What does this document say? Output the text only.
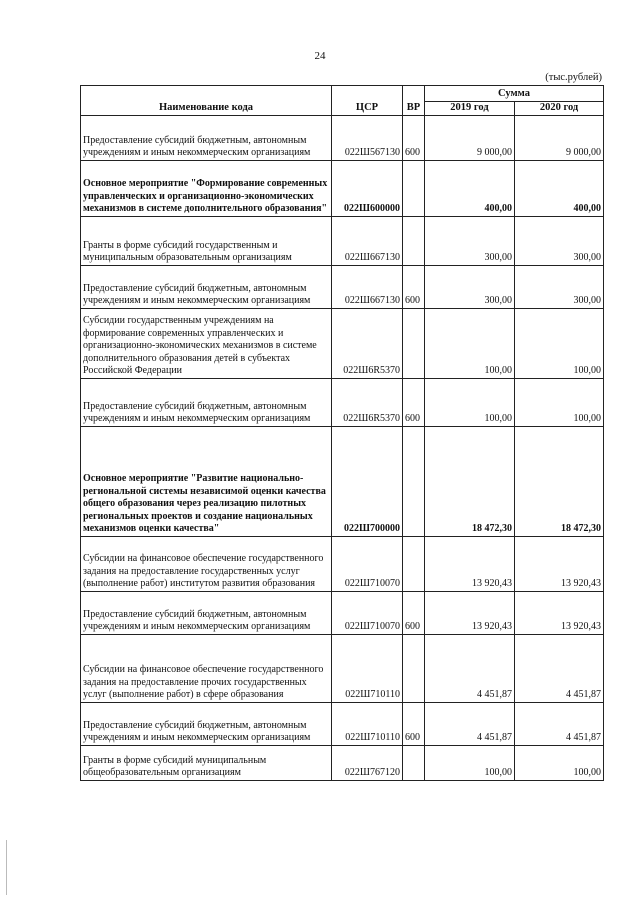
24
(тыс.рублей)
Наименование кода	ЦСР	ВР	Сумма	
			2019 год	2020 год
Предоставление субсидий бюджетным, автономным учреждениям и иным некоммерческим организациям	022Ш567130	600	9 000,00	9 000,00
Основное мероприятие "Формирование современных управленческих и организационно-экономических механизмов в системе дополнительного образования"	022Ш600000		400,00	400,00
Гранты в форме субсидий государственным и муниципальным образовательным организациям	022Ш667130		300,00	300,00
Предоставление субсидий бюджетным, автономным учреждениям и иным некоммерческим организациям	022Ш667130	600	300,00	300,00
Субсидии государственным учреждениям на формирование современных управленческих и организационно-экономических механизмов в системе дополнительного образования детей в субъектах Российской Федерации	022Ш6R5370		100,00	100,00
Предоставление субсидий бюджетным, автономным учреждениям и иным некоммерческим организациям	022Ш6R5370	600	100,00	100,00
Основное мероприятие "Развитие национально-региональной системы независимой оценки качества общего образования через реализацию пилотных региональных проектов и создание национальных механизмов оценки качества"	022Ш700000		18 472,30	18 472,30
Субсидии на финансовое обеспечение государственного задания на предоставление государственных услуг (выполнение работ) институтом развития образования	022Ш710070		13 920,43	13 920,43
Предоставление субсидий бюджетным, автономным учреждениям и иным некоммерческим организациям	022Ш710070	600	13 920,43	13 920,43
Субсидии на финансовое обеспечение государственного задания на предоставление прочих государственных услуг (выполнение работ) в сфере образования	022Ш710110		4 451,87	4 451,87
Предоставление субсидий бюджетным, автономным учреждениям и иным некоммерческим организациям	022Ш710110	600	4 451,87	4 451,87
Гранты в форме субсидий муниципальным общеобразовательным организациям	022Ш767120		100,00	100,00
